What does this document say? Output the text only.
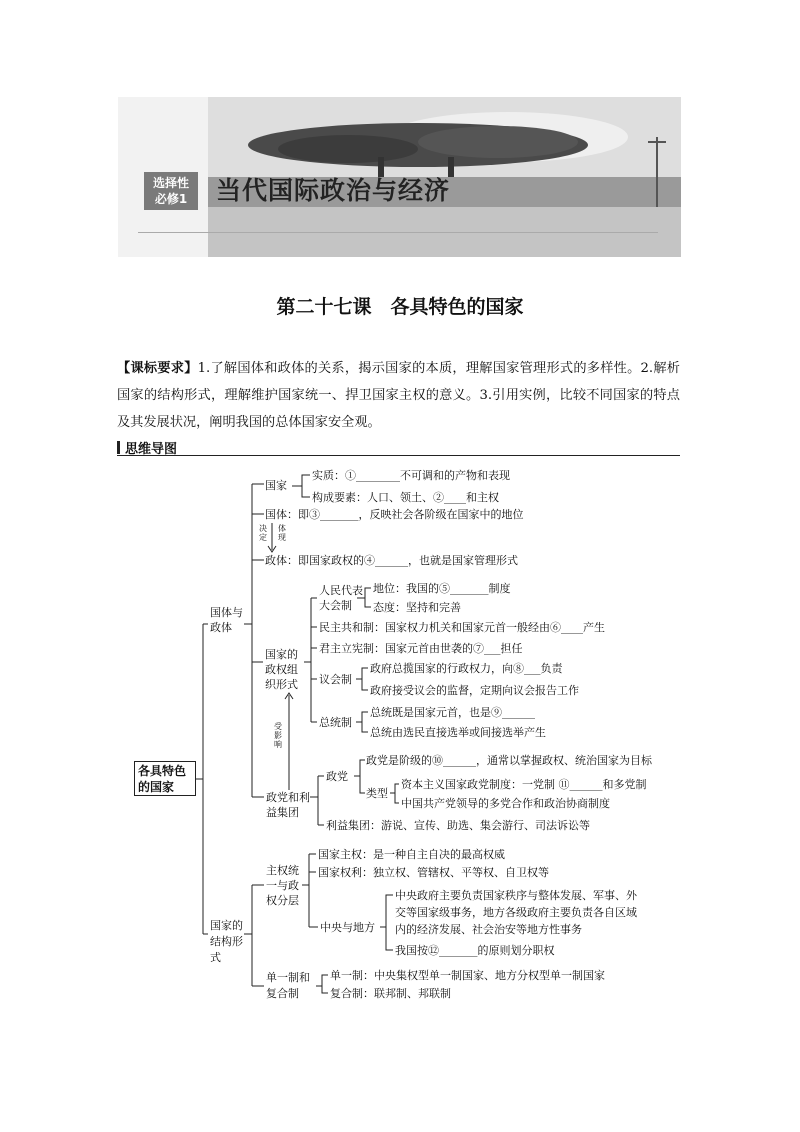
选择性
必修1	当代国际政治与经济
第二十七课　各具特色的国家
【课标要求】1.了解国体和政体的关系，揭示国家的本质，理解国家管理形式的多样性。2.解析国家的结构形式，理解维护国家统一、捍卫国家主权的意义。3.引用实例，比较不同国家的特点及其发展状况，阐明我国的总体国家安全观。
思维导图
各具特色的国家
国体与政体
国家
实质：①________不可调和的产物和表现
构成要素：人口、领土、②____和主权
国体：即③_______，反映社会各阶级在国家中的地位
决定
体现
政体：即国家政权的④______，也就是国家管理形式
国家的政权组织形式
人民代表大会制
地位：我国的⑤_______制度
态度：坚持和完善
民主共和制：国家权力机关和国家元首一般经由⑥____产生
君主立宪制：国家元首由世袭的⑦___担任
议会制
政府总揽国家的行政权力，向⑧___负责
政府接受议会的监督，定期向议会报告工作
总统制
总统既是国家元首，也是⑨______
总统由选民直接选举或间接选举产生
受影响
政党和利益集团
政党
政党是阶级的⑩______，通常以掌握政权、统治国家为目标
类型
资本主义国家政党制度：一党制 ⑪______和多党制
中国共产党领导的多党合作和政治协商制度
利益集团：游说、宣传、助选、集会游行、司法诉讼等
国家的结构形式
主权统一与政权分层
国家主权：是一种自主自决的最高权威
国家权利：独立权、管辖权、平等权、自卫权等
中央与地方
中央政府主要负责国家秩序与整体发展、军事、外
交等国家级事务，地方各级政府主要负责各自区域
内的经济发展、社会治安等地方性事务
我国按⑫_______的原则划分职权
单一制和复合制
单一制：中央集权型单一制国家、地方分权型单一制国家
复合制：联邦制、邦联制
